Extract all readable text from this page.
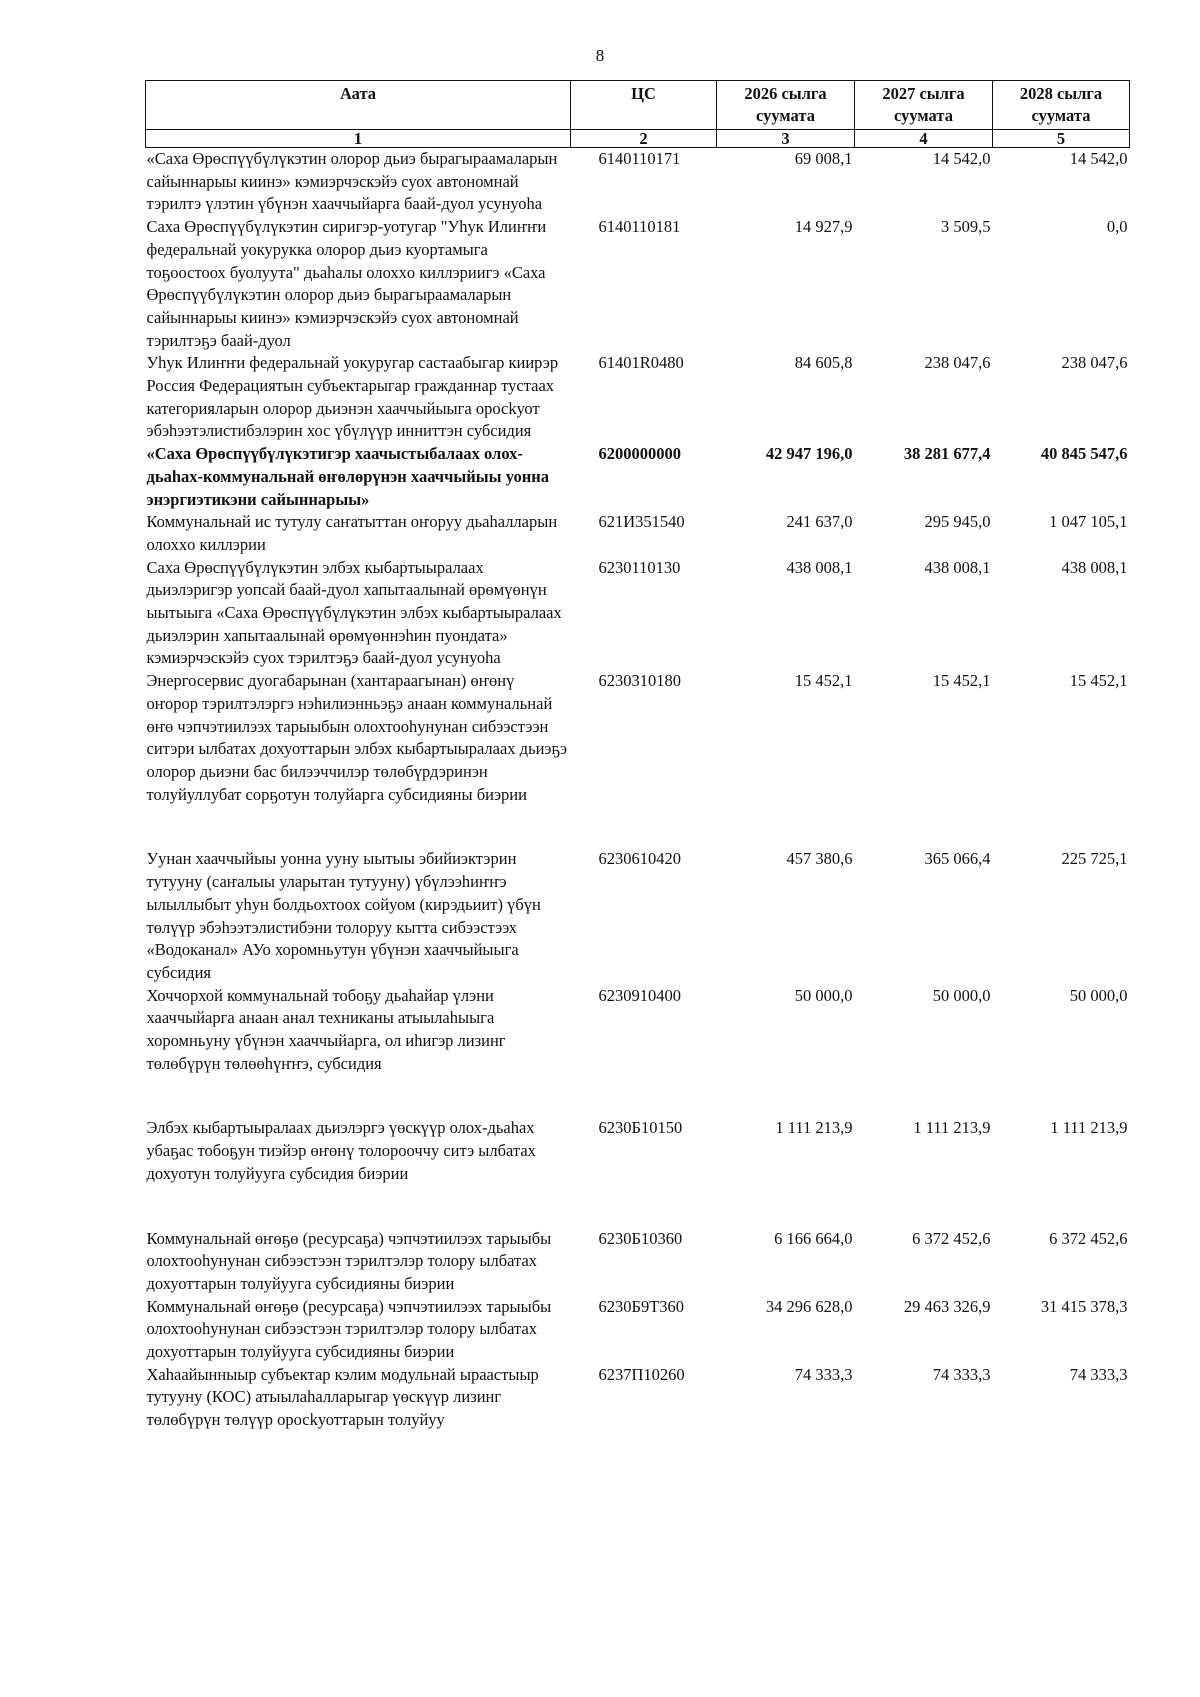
8
Аата	ЦС	2026 сылга суумата	2027 сылга суумата	2028 сылга суумата
1	2	3	4	5
«Саха Өрөспүүбүлүкэтин олорор дьиэ бырагыраамаларын сайыннарыы киинэ» кэмиэрчэскэйэ суох автономнай тэрилтэ үлэтин үбүнэн хааччыйарга баай-дуол усунуоһа	6140110171	69 008,1	14 542,0	14 542,0
Саха Өрөспүүбүлүкэтин сиригэр-уотугар "Уһук Илиҥҥи федеральнай уокурукка олорор дьиэ куортамыгa тоҕоостоох буолуута" дьаһалы олохxо киллэриигэ «Саха Өрөспүүбүлүкэтин олорор дьиэ бырагыраамаларын сайыннарыы киинэ» кэмиэрчэскэйэ суох автономнай тэрилтэҕэ баай-дуол	6140110181	14 927,9	3 509,5	0,0
Уһук Илиҥҥи федеральнай уокуругар састаабыгар киирэр Россия Федерациятын субъектарыгар гражданнар тустаах категорияларын олорор дьиэнэн хааччыйыыга оросkуот эбэһээтэлистибэлэрин хос үбүлүүр инниттэн субсидия	61401R0480	84 605,8	238 047,6	238 047,6
«Саха Өрөспүүбүлүкэтигэр хаачыстыбалаах олох-дьаһах-коммунальнай өҥөлөрүнэн хааччыйыы уонна энэргиэтикэни сайыннарыы»	6200000000	42 947 196,0	38 281 677,4	40 845 547,6
Коммунальнай ис тутулу саҥатыттан оҥоруу дьаһалларын олохxо киллэрии	621И351540	241 637,0	295 945,0	1 047 105,1
Саха Өрөспүүбүлүкэтин элбэх кыбартыыралаах дьиэлэригэр уопсай баай-дуол хапытаалынай өрөмүөнүн ыытыыга «Саха Өрөспүүбүлүкэтин элбэх кыбартыыралаах дьиэлэрин хапытаалынай өрөмүөннэһин пуондата» кэмиэрчэскэйэ суох тэрилтэҕэ баай-дуол усунуоһа	6230110130	438 008,1	438 008,1	438 008,1
Энергосервис дуогабарынан (хантараагынан) өҥөнү оҥорор тэрилтэлэргэ нэһилиэнньэҕэ анаан коммунальнай өҥө чэпчэтиилээх тарыыбын олохтооһунунан сибээстээн ситэри ылбатах дохуоттарын элбэх кыбартыыралаах дьиэҕэ олорор дьиэни бас билээччилэр төлөбүрдэринэн толуйуллубат сорҕотун толуйарга субсидияны биэрии	6230310180	15 452,1	15 452,1	15 452,1
Уунан хааччыйыы уонна ууну ыытыы эбийиэктэрин тутууну (саҥалыы уларытан тутууну) үбүлээһиҥҥэ ылыллыбыт уһун болдьохтоох сойуом (кирэдьиит) үбүн төлүүр эбэһээтэлистибэни толоруу кытта сибээстээх «Водоканал» АУо хоромньутун үбүнэн хааччыйыыга субсидия	6230610420	457 380,6	365 066,4	225 725,1
Хоччорхой коммунальнай тобоҕу дьаһайар үлэни хааччыйарга анаан анал техниканы атыылаһыыга хоромньуну үбүнэн хааччыйарга, ол иһигэр лизинг төлөбүрүн төлөөһүҥҥэ, субсидия	6230910400	50 000,0	50 000,0	50 000,0
Элбэх кыбартыыралаах дьиэлэргэ үөскүүр олох-дьаһах убаҕас тобоҕун тиэйэр өҥөнү толорооччу ситэ ылбатах дохуотун толуйууга субсидия биэрии	6230Б10150	1 111 213,9	1 111 213,9	1 111 213,9
Коммунальнай өҥөҕө (ресурсаҕа) чэпчэтиилээх тарыыбы олохтооһунунан сибээстээн тэрилтэлэр толору ылбатах дохуоттарын толуйууга субсидияны биэрии	6230Б10360	6 166 664,0	6 372 452,6	6 372 452,6
Коммунальнай өҥөҕө (ресурсаҕа) чэпчэтиилээх тарыыбы олохтооһунунан сибээстээн тэрилтэлэр толору ылбатах дохуоттарын толуйууга субсидияны биэрии	6230Б9Т360	34 296 628,0	29 463 326,9	31 415 378,3
Хаһаайынныыр субъектар кэлим модульнай ыраастыыр тутууну (КОС) атыылаһалларыгар үөскүүр лизинг төлөбүрүн төлүүр оросkуоттарын толуйуу	6237П10260	74 333,3	74 333,3	74 333,3
